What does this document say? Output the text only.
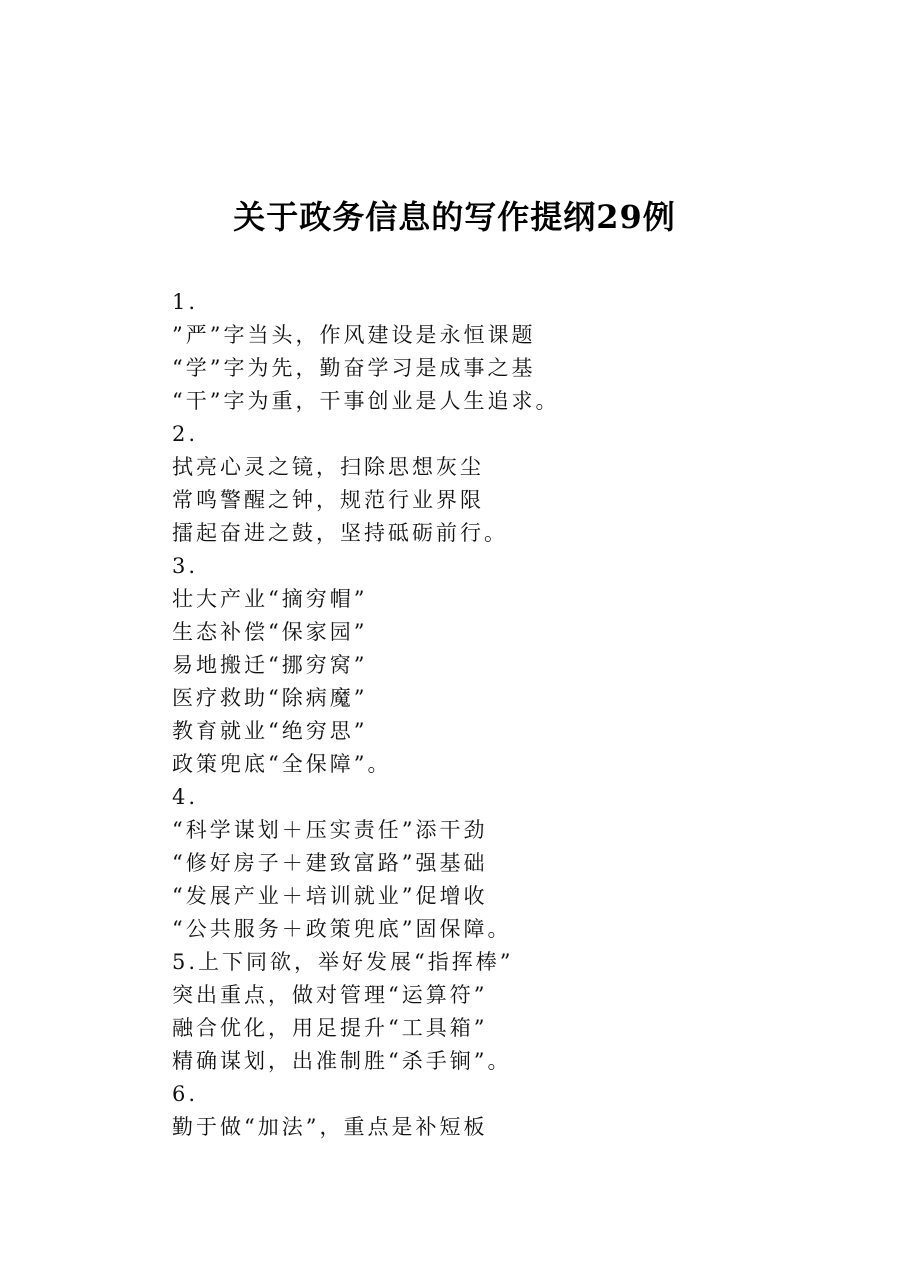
关于政务信息的写作提纲29例
1.
”严”字当头，作风建设是永恒课题
“学”字为先，勤奋学习是成事之基
“干”字为重，干事创业是人生追求。
2.
拭亮心灵之镜，扫除思想灰尘
常鸣警醒之钟，规范行业界限
擂起奋进之鼓，坚持砥砺前行。
3.
壮大产业“摘穷帽”
生态补偿“保家园”
易地搬迁“挪穷窝”
医疗救助“除病魔”
教育就业“绝穷思”
政策兜底“全保障”。
4.
“科学谋划＋压实责任”添干劲
“修好房子＋建致富路”强基础
“发展产业＋培训就业”促增收
“公共服务＋政策兜底”固保障。
5.上下同欲，举好发展“指挥棒”
突出重点，做对管理“运算符”
融合优化，用足提升“工具箱”
精确谋划，出准制胜“杀手锏”。
6.
勤于做“加法”，重点是补短板
